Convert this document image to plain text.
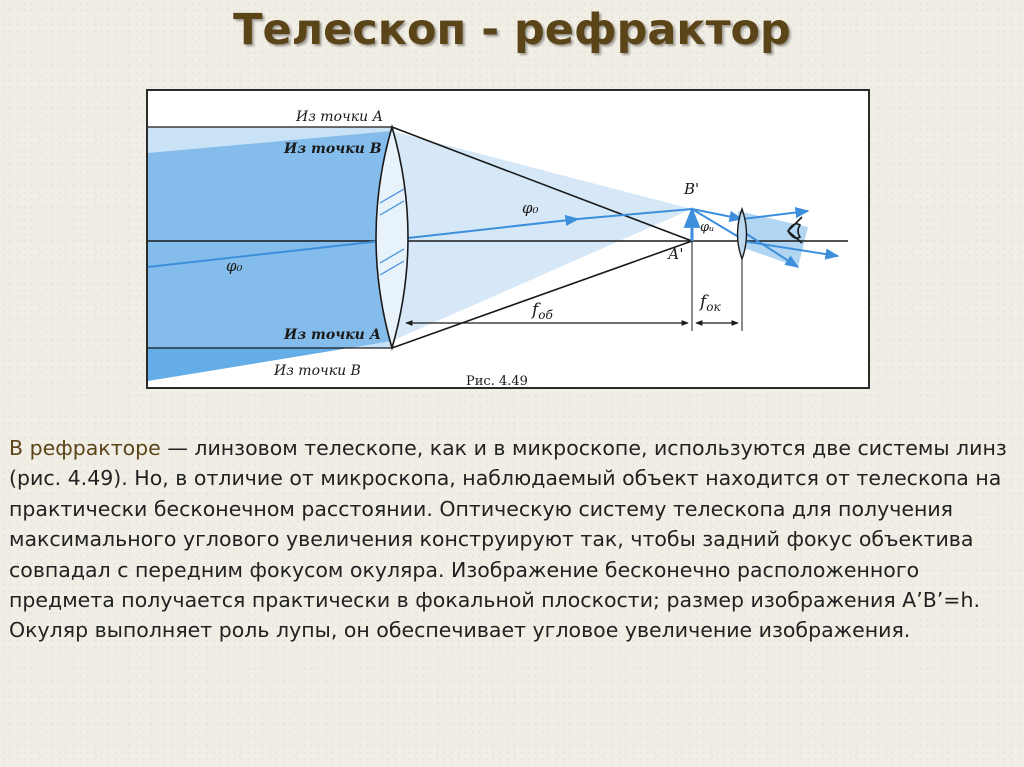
Телескоп - рефрактор
Из точки А
Из точки В
Из точки А
Из точки В
В'
А'
φ₀
φ₀
φᵤ
$f_{об}$
$f_{ок}$
Рис. 4.49

В рефракторе — линзовом телескопе, как и в микроскопе, используются две системы линз (рис. 4.49). Но, в отличие от микроскопа, наблюдаемый объект находится от телескопа на практически бесконечном расстоянии. Оптическую систему телескопа для получения максимального углового увеличения конструируют так, чтобы задний фокус объектива совпадал с передним фокусом окуляра. Изображение бесконечно расположенного предмета получается практически в фокальной плоскости; размер изображения A’B’=h. Окуляр выполняет роль лупы, он обеспечивает угловое увеличение изображения.
